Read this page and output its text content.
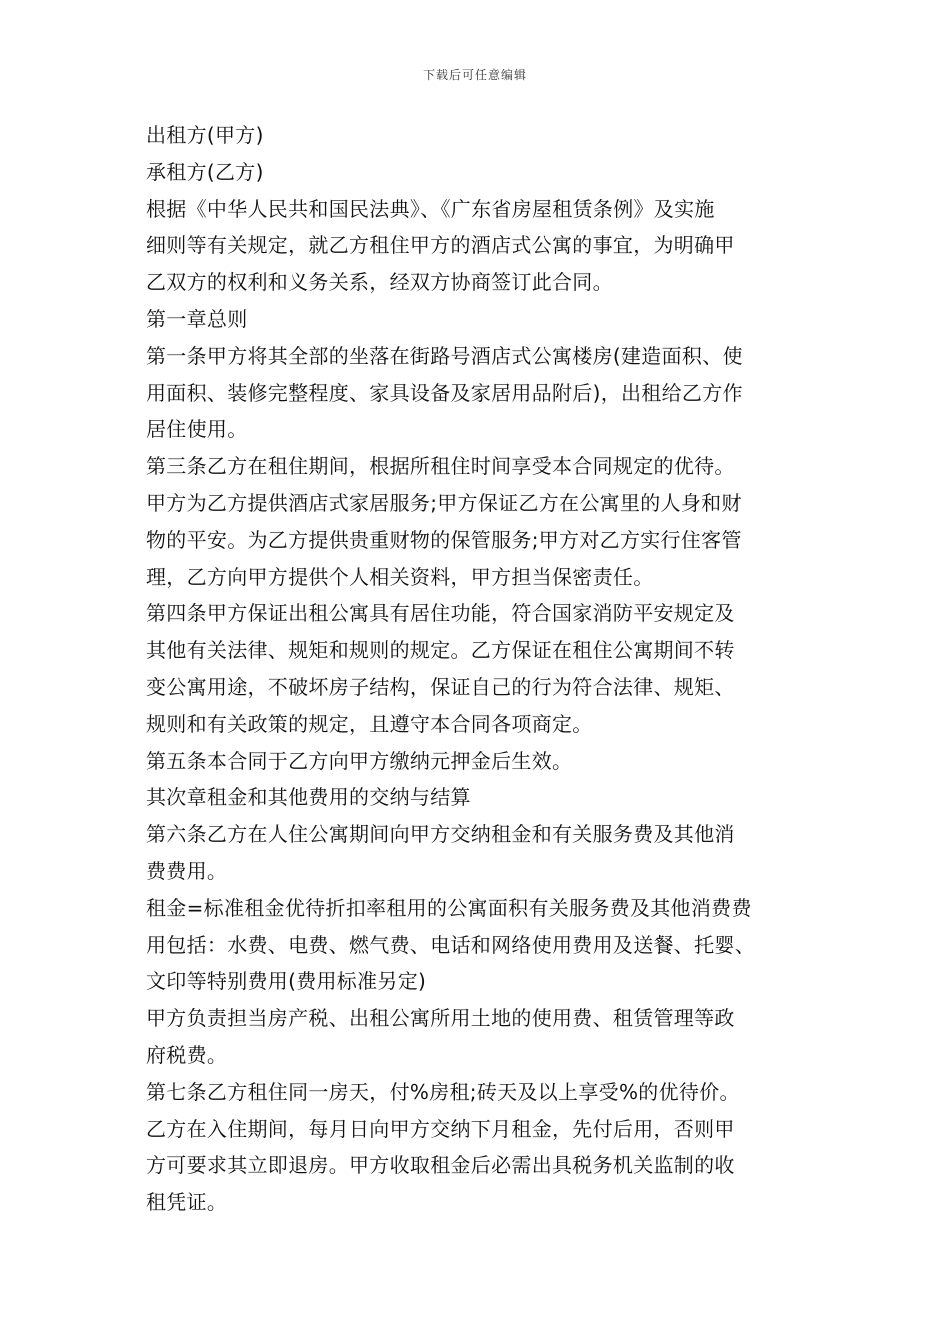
下载后可任意编辑
出租方(甲方)
承租方(乙方)
根据《中华人民共和国民法典》、《广东省房屋租赁条例》及实施
细则等有关规定，就乙方租住甲方的酒店式公寓的事宜，为明确甲
乙双方的权利和义务关系，经双方协商签订此合同。
第一章总则
第一条甲方将其全部的坐落在街路号酒店式公寓楼房(建造面积、使
用面积、装修完整程度、家具设备及家居用品附后)，出租给乙方作
居住使用。
第三条乙方在租住期间，根据所租住时间享受本合同规定的优待。
甲方为乙方提供酒店式家居服务;甲方保证乙方在公寓里的人身和财
物的平安。为乙方提供贵重财物的保管服务;甲方对乙方实行住客管
理，乙方向甲方提供个人相关资料，甲方担当保密责任。
第四条甲方保证出租公寓具有居住功能，符合国家消防平安规定及
其他有关法律、规矩和规则的规定。乙方保证在租住公寓期间不转
变公寓用途，不破坏房子结构，保证自己的行为符合法律、规矩、
规则和有关政策的规定，且遵守本合同各项商定。
第五条本合同于乙方向甲方缴纳元押金后生效。
其次章租金和其他费用的交纳与结算
第六条乙方在人住公寓期间向甲方交纳租金和有关服务费及其他消
费费用。
租金=标准租金优待折扣率租用的公寓面积有关服务费及其他消费费
用包括：水费、电费、燃气费、电话和网络使用费用及送餐、托婴、
文印等特别费用(费用标准另定)
甲方负责担当房产税、出租公寓所用土地的使用费、租赁管理等政
府税费。
第七条乙方租住同一房天，付%房租;砖天及以上享受%的优待价。
乙方在入住期间，每月日向甲方交纳下月租金，先付后用，否则甲
方可要求其立即退房。甲方收取租金后必需出具税务机关监制的收
租凭证。
